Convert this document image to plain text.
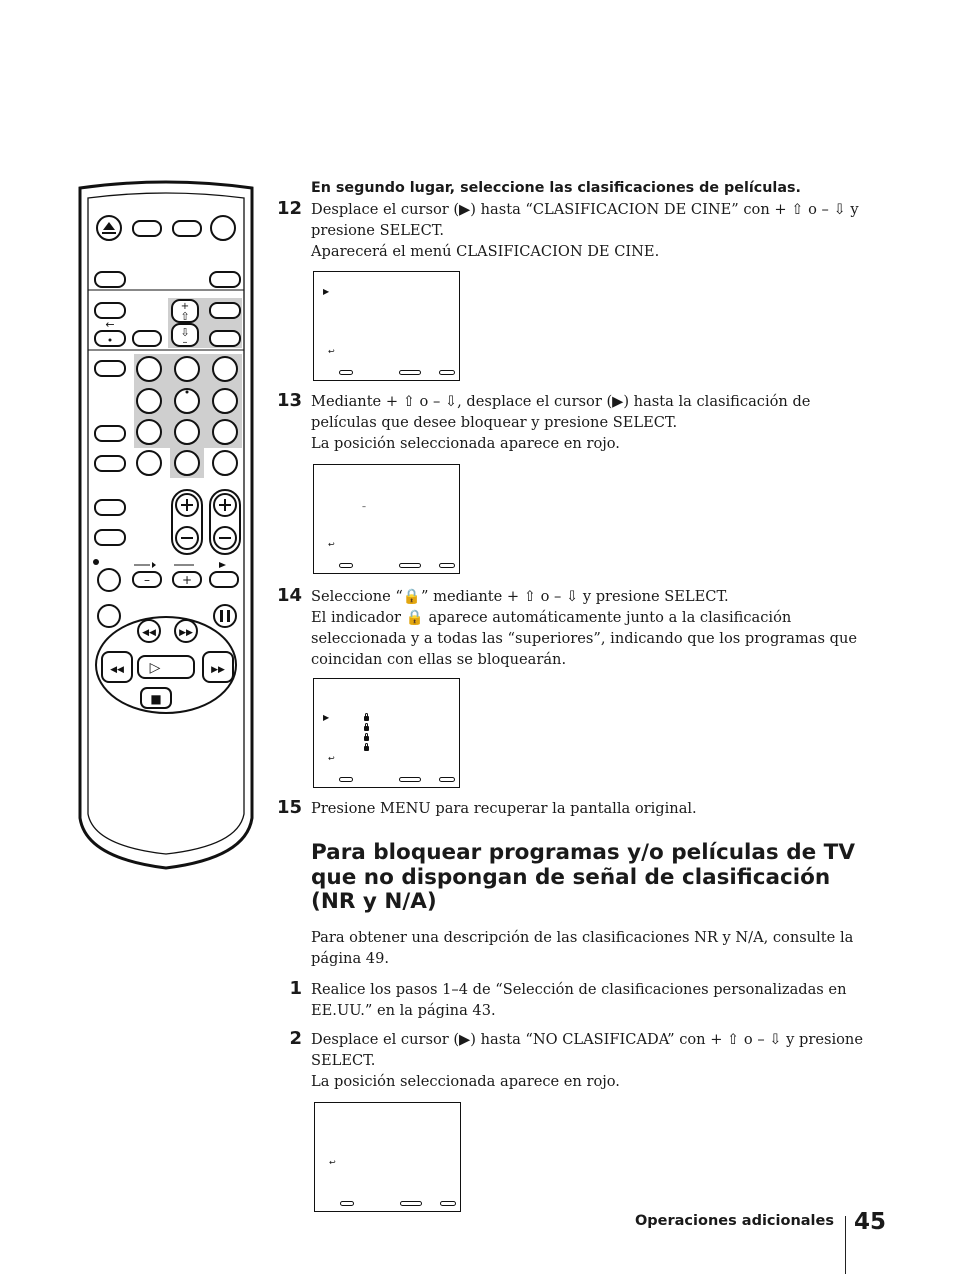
←
+
⇧
⇩
–
–	+
◀◀	▶▶
◀◀ ▷	▶▶
■
En segundo lugar, seleccione las clasificaciones de películas.
12 Desplace el cursor (▶) hasta “CLASIFICACION DE CINE” con + ⇧ o – ⇩ y
presione SELECT.
Aparecerá el menú CLASIFICACION DE CINE.
▶
↩
13 Mediante + ⇧ o – ⇩, desplace el cursor (▶) hasta la clasificación de
películas que desee bloquear y presione SELECT.
La posición seleccionada aparece en rojo.
–
↩
14 Seleccione “🔒” mediante + ⇧ o – ⇩ y presione SELECT.
El indicador 🔒 aparece automáticamente junto a la clasificación
seleccionada y a todas las “superiores”, indicando que los programas que
coincidan con ellas se bloquearán.
▶
↩
15 Presione MENU para recuperar la pantalla original.
Para bloquear programas y/o películas de TV
que no dispongan de señal de clasificación
(NR y N/A)
Para obtener una descripción de las clasificaciones NR y N/A, consulte la
página 49.
1 Realice los pasos 1–4 de “Selección de clasificaciones personalizadas en
EE.UU.” en la página 43.
2 Desplace el cursor (▶) hasta “NO CLASIFICADA” con + ⇧ o – ⇩ y presione
SELECT.
La posición seleccionada aparece en rojo.
↩
Operaciones adicionales 45
